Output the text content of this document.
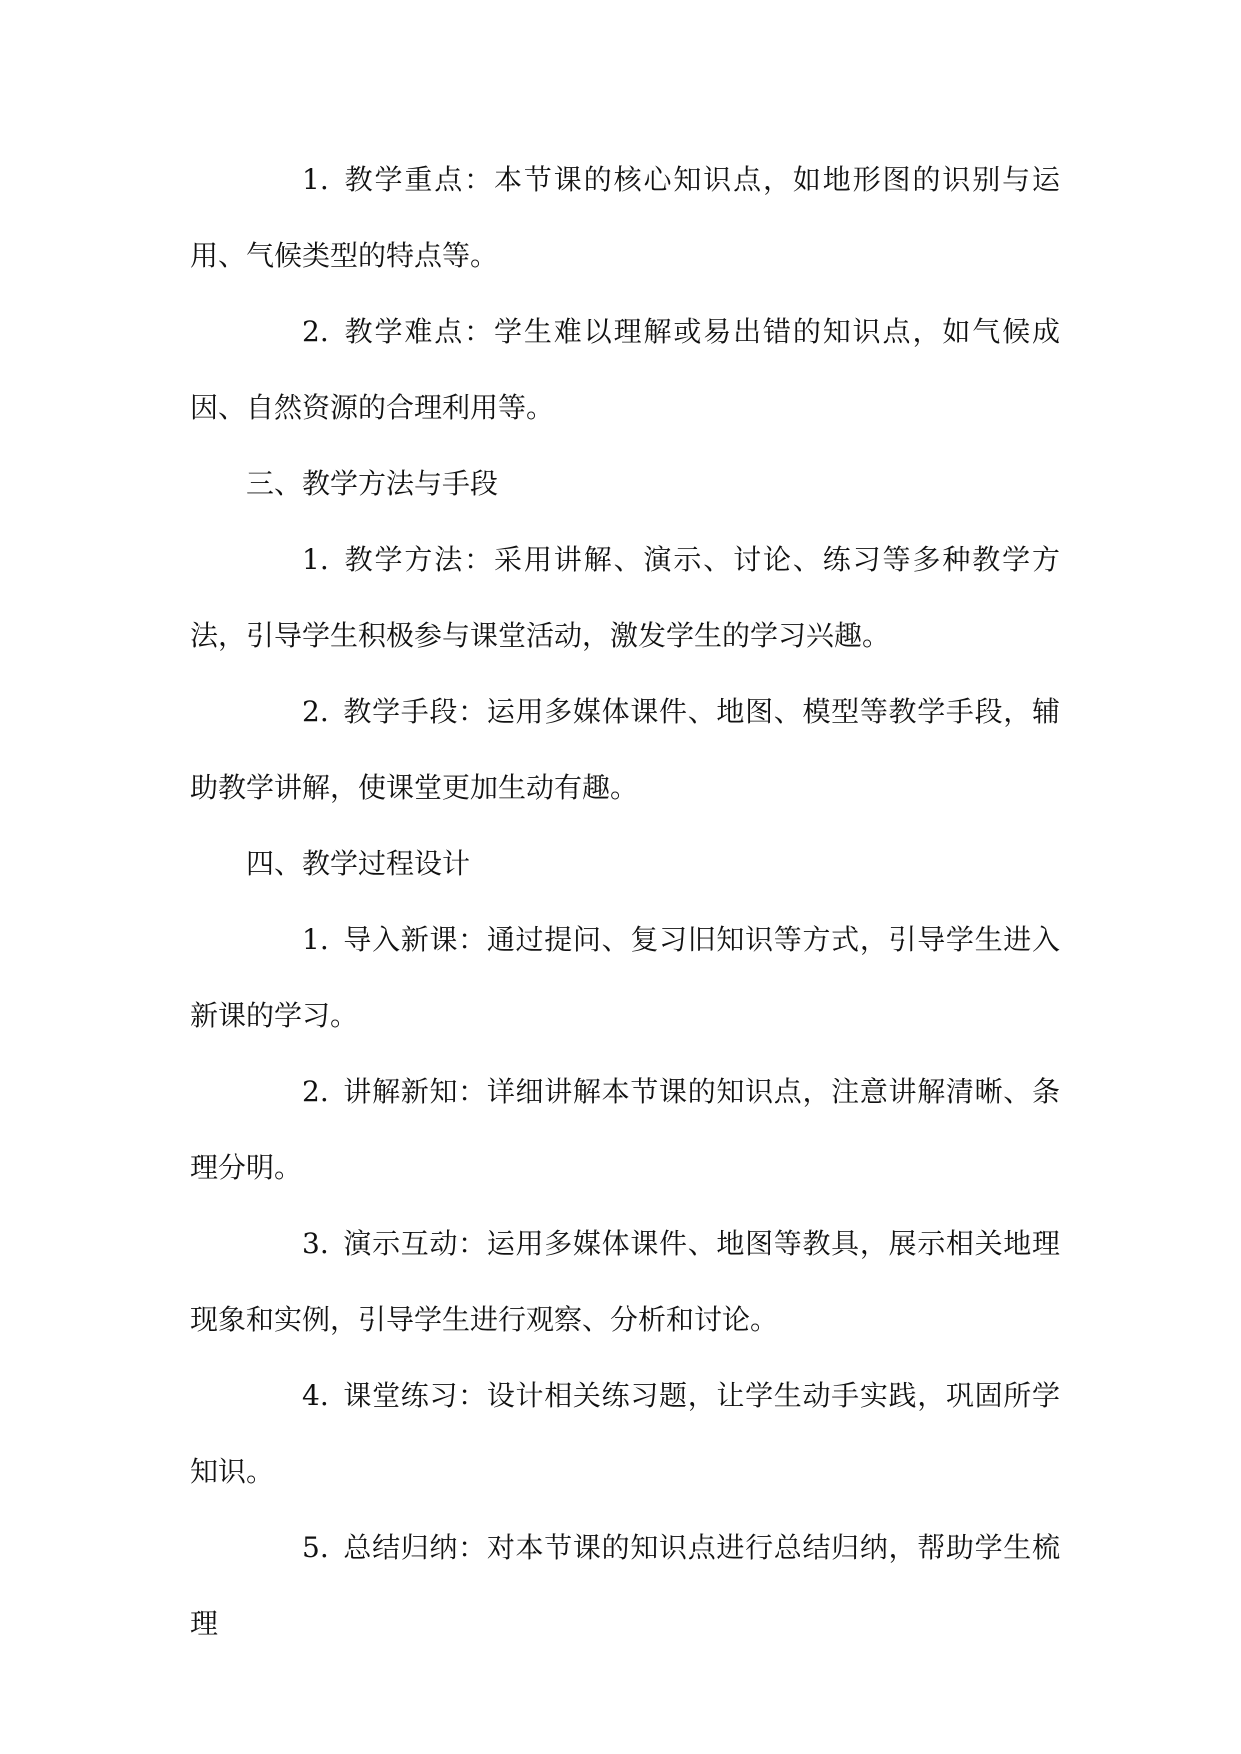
1. 教学重点：本节课的核心知识点，如地形图的识别与运用、气候类型的特点等。

2. 教学难点：学生难以理解或易出错的知识点，如气候成因、自然资源的合理利用等。

三、教学方法与手段

1. 教学方法：采用讲解、演示、讨论、练习等多种教学方法，引导学生积极参与课堂活动，激发学生的学习兴趣。

2. 教学手段：运用多媒体课件、地图、模型等教学手段，辅助教学讲解，使课堂更加生动有趣。

四、教学过程设计

1. 导入新课：通过提问、复习旧知识等方式，引导学生进入新课的学习。

2. 讲解新知：详细讲解本节课的知识点，注意讲解清晰、条理分明。

3. 演示互动：运用多媒体课件、地图等教具，展示相关地理现象和实例，引导学生进行观察、分析和讨论。

4. 课堂练习：设计相关练习题，让学生动手实践，巩固所学知识。

5. 总结归纳：对本节课的知识点进行总结归纳，帮助学生梳理
